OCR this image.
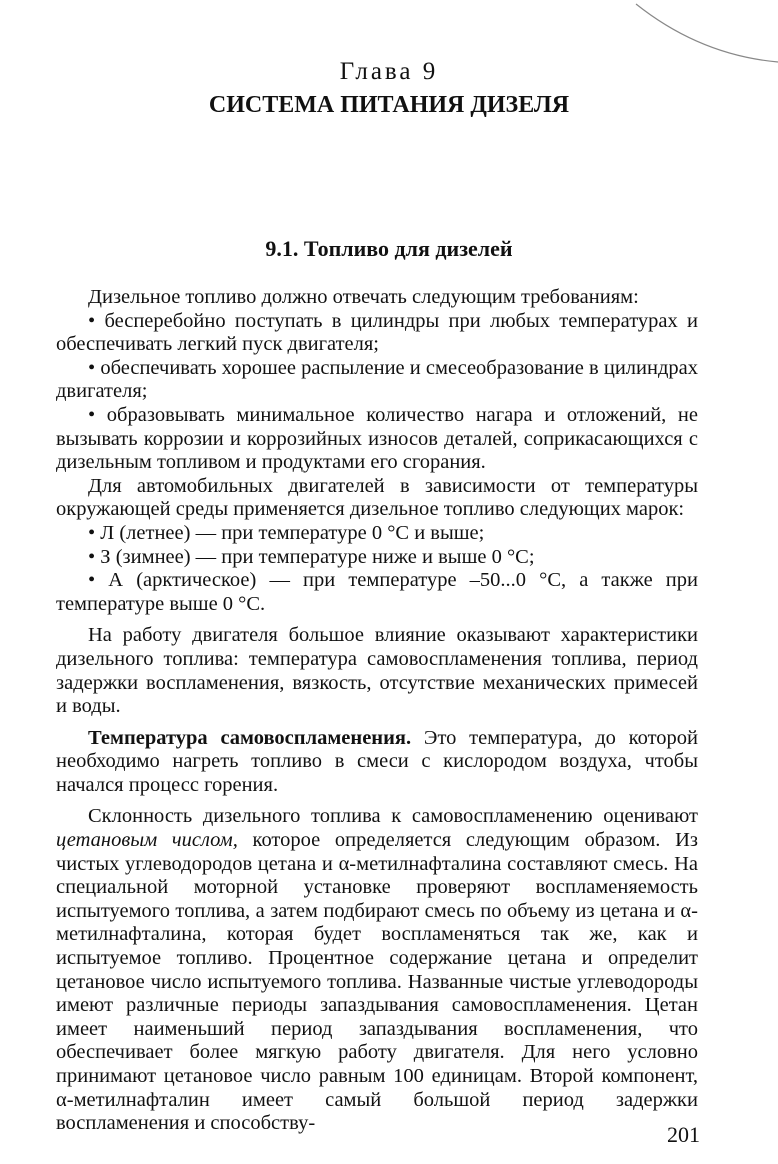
Глава 9
СИСТЕМА ПИТАНИЯ ДИЗЕЛЯ
9.1. Топливо для дизелей

Дизельное топливо должно отвечать следующим требованиям:

• бесперебойно поступать в цилиндры при любых температурах и обеспечивать легкий пуск двигателя;

• обеспечивать хорошее распыление и смесеобразование в цилиндрах двигателя;

• образовывать минимальное количество нагара и отложений, не вызывать коррозии и коррозийных износов деталей, соприкасающихся с дизельным топливом и продуктами его сгорания.

Для автомобильных двигателей в зависимости от температуры окружающей среды применяется дизельное топливо следующих марок:

• Л (летнее) — при температуре 0 °С и выше;

• З (зимнее) — при температуре ниже и выше 0 °С;

• А (арктическое) — при температуре –50...0 °С, а также при температуре выше 0 °С.

На работу двигателя большое влияние оказывают характеристики дизельного топлива: температура самовоспламенения топлива, период задержки воспламенения, вязкость, отсутствие механических примесей и воды.

Температура самовоспламенения. Это температура, до которой необходимо нагреть топливо в смеси с кислородом воздуха, чтобы начался процесс горения.

Склонность дизельного топлива к самовоспламенению оценивают цетановым числом, которое определяется следующим образом. Из чистых углеводородов цетана и α-метилнафталина составляют смесь. На специальной моторной установке проверяют воспламеняемость испытуемого топлива, а затем подбирают смесь по объему из цетана и α-метилнафталина, которая будет воспламеняться так же, как и испытуемое топливо. Процентное содержание цетана и определит цетановое число испытуемого топлива. Названные чистые углеводороды имеют различные периоды запаздывания самовоспламенения. Цетан имеет наименьший период запаздывания воспламенения, что обеспечивает более мягкую работу двигателя. Для него условно принимают цетановое число равным 100 единицам. Второй компонент, α-метилнафталин имеет самый большой период задержки воспламенения и способству-	201
